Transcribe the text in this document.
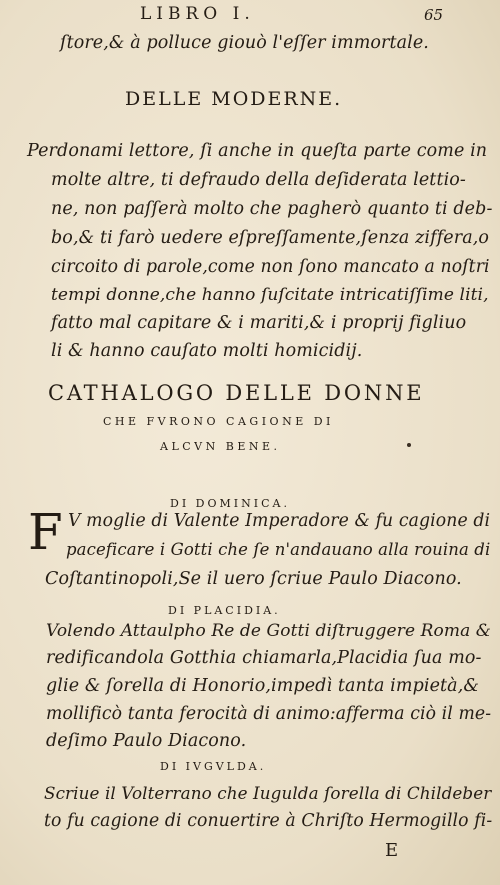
LIBRO I.	65
ſtore,& à polluce giouò l'eſſer immortale.
DELLE MODERNE.
Perdonami lettore, ſi anche in queſta parte come in
molte altre, ti defraudo della deſiderata lettio-
ne, non paſſerà molto che pagherò quanto ti deb-
bo,& ti farò uedere eſpreſſamente,ſenza ziffera,o
circoito di parole,come non ſono mancato a noſtri
tempi donne,che hanno ſuſcitate intricatiſſime liti,
fatto mal capitare & i mariti,& i proprij figliuo
li & hanno cauſato molti homicidij.
CATHALOGO DELLE DONNE
CHE FVRONO CAGIONE DI
ALCVN BENE.
DI DOMINICA.
F V moglie di Valente Imperadore & fu cagione di
paceficare i Gotti che ſe n'andauano alla rouina di
Coſtantinopoli,Se il uero ſcriue Paulo Diacono.
DI PLACIDIA.
Volendo Attaulpho Re de Gotti diſtruggere Roma &
redificandola Gotthia chiamarla,Placidia ſua mo-
glie & ſorella di Honorio,impedì tanta impietà,&
mollificò tanta ferocità di animo:afferma ciò il me-
deſimo Paulo Diacono.
DI IVGVLDA.
Scriue il Volterrano che Iugulda ſorella di Childeber
to fu cagione di conuertire à Chriſto Hermogillo fi-
E
